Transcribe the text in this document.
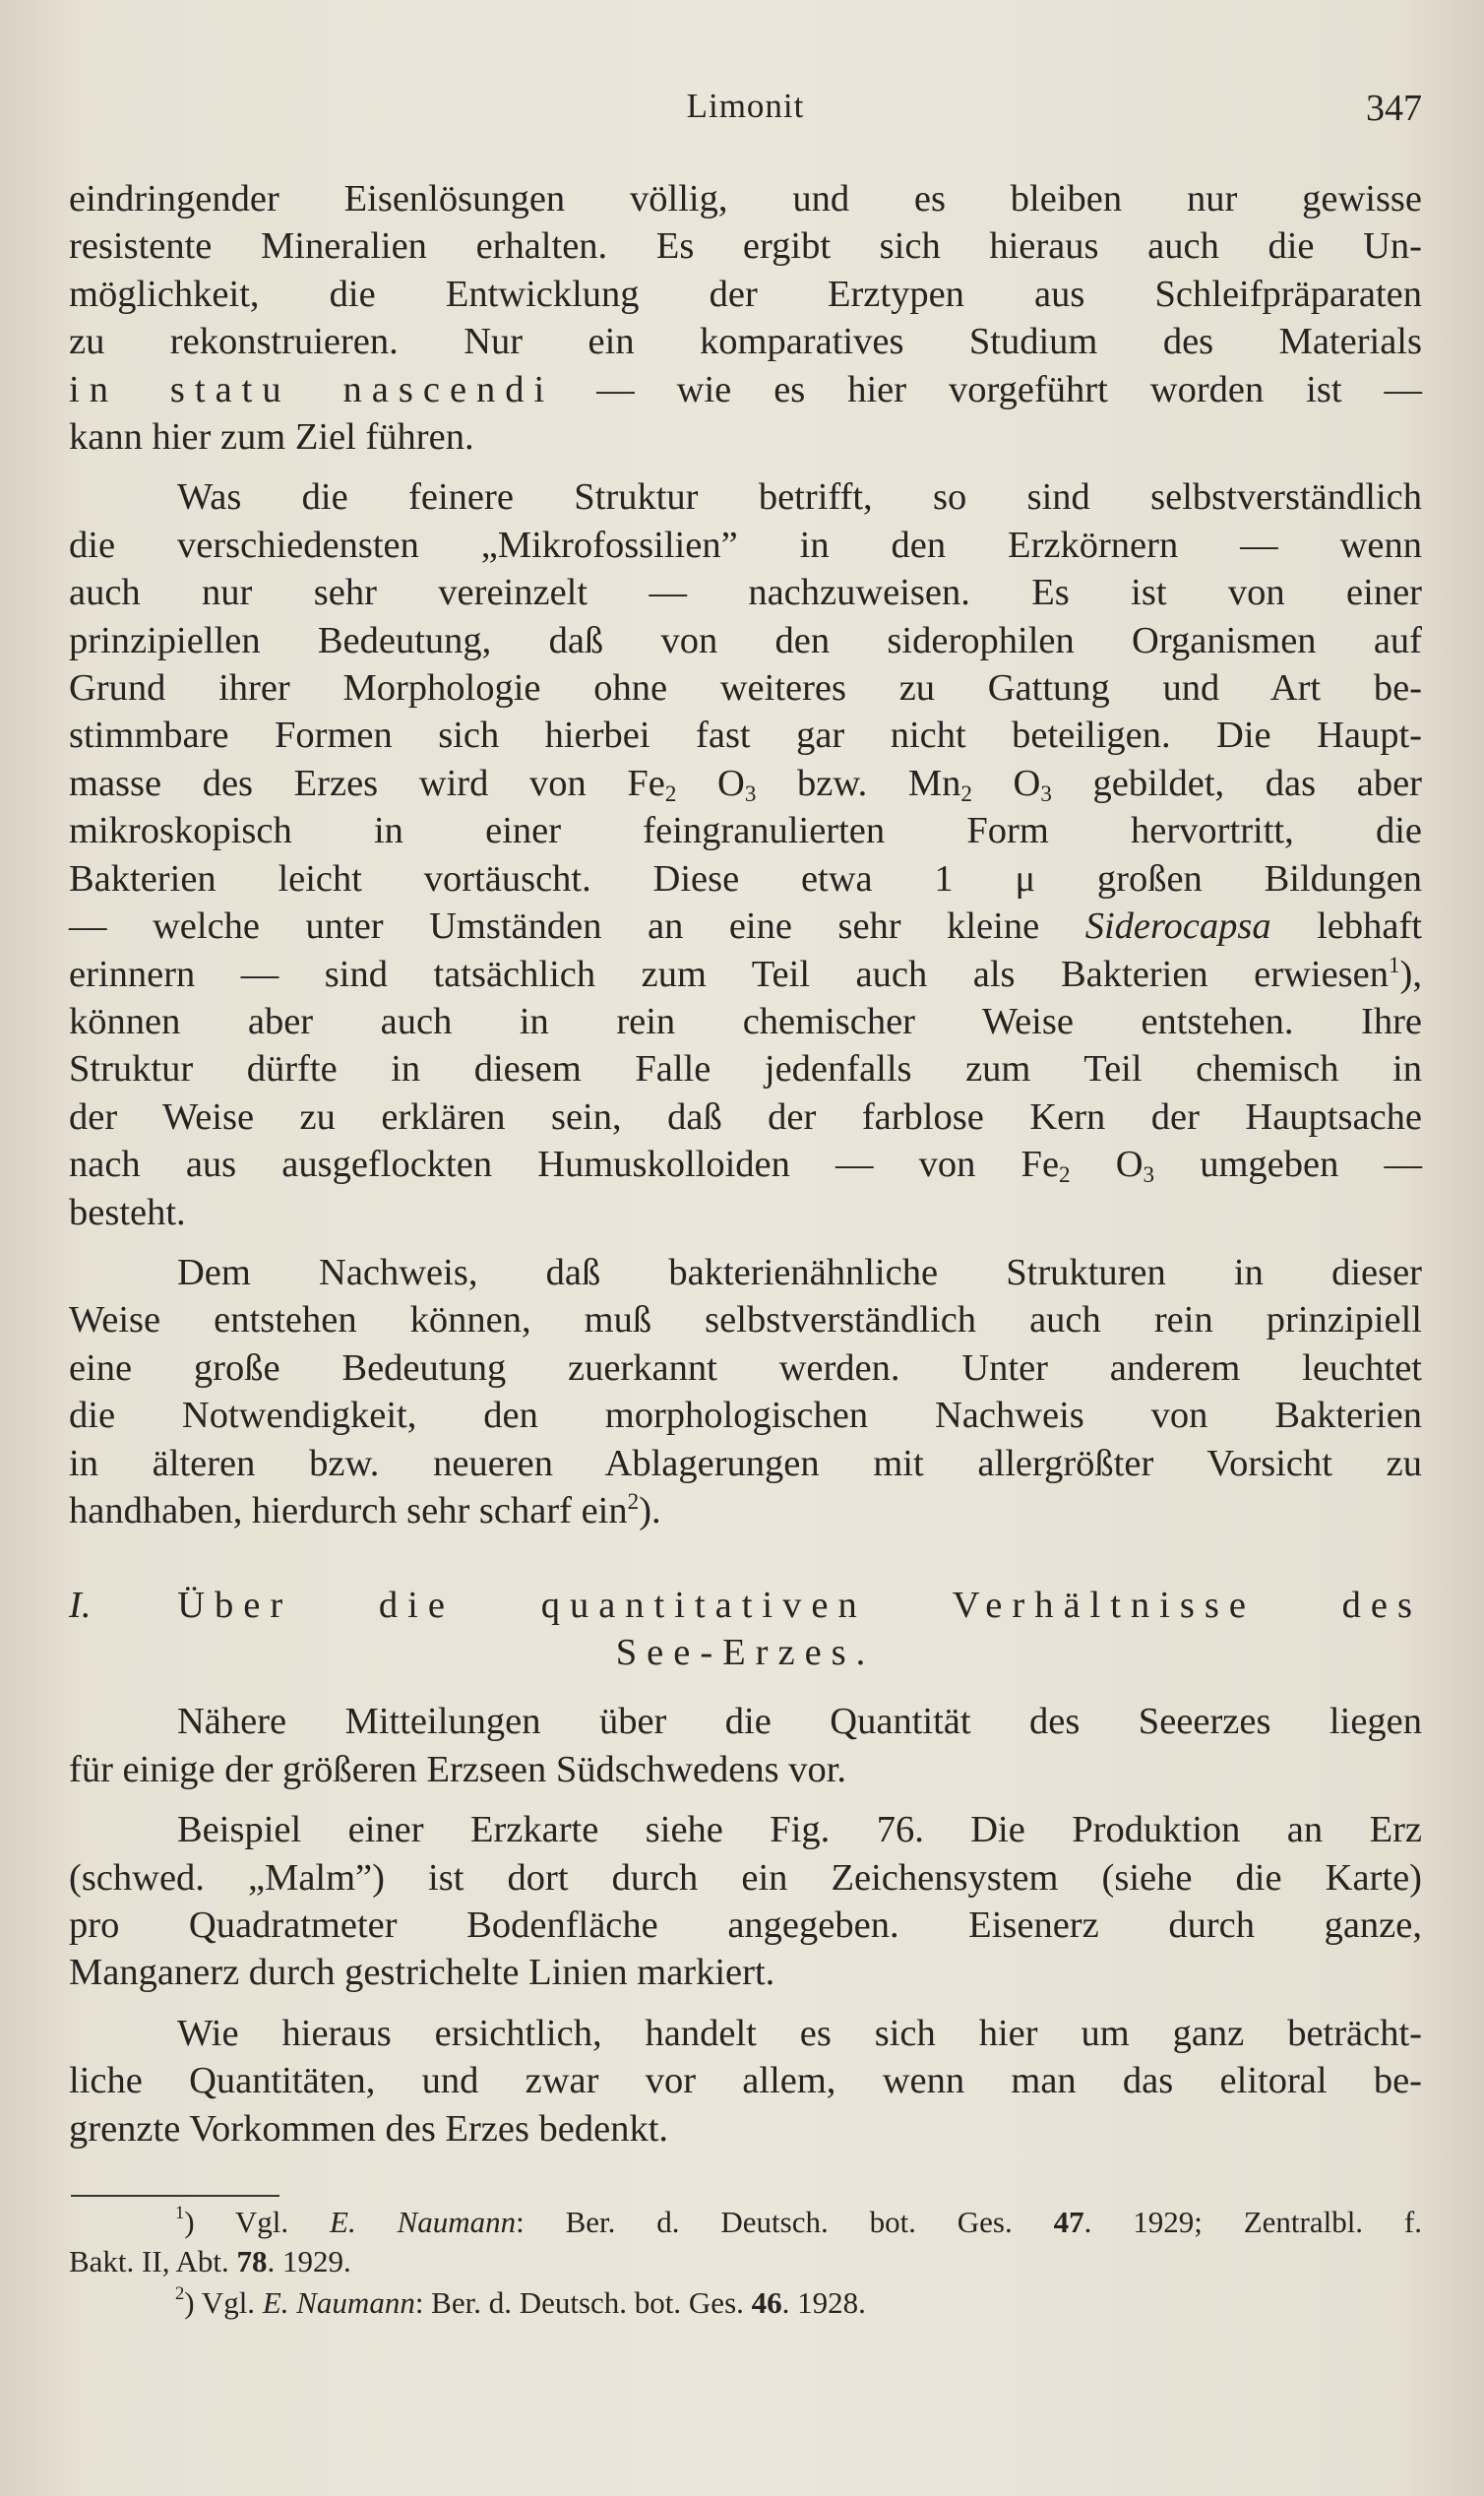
Limonit	347
eindringender Eisenlösungen völlig, und es bleiben nur gewisse
resistente Mineralien erhalten. Es ergibt sich hieraus auch die Un-
möglichkeit, die Entwicklung der Erztypen aus Schleifpräparaten
zu rekonstruieren. Nur ein komparatives Studium des Materials
in statu nascendi — wie es hier vorgeführt worden ist —
kann hier zum Ziel führen.
Was die feinere Struktur betrifft, so sind selbstverständlich
die verschiedensten „Mikrofossilien” in den Erzkörnern — wenn
auch nur sehr vereinzelt — nachzuweisen. Es ist von einer
prinzipiellen Bedeutung, daß von den siderophilen Organismen auf
Grund ihrer Morphologie ohne weiteres zu Gattung und Art be-
stimmbare Formen sich hierbei fast gar nicht beteiligen. Die Haupt-
masse des Erzes wird von $Fe_2$ $O_3$ bzw. $Mn_2$ $O_3$ gebildet, das aber
mikroskopisch in einer feingranulierten Form hervortritt, die
Bakterien leicht vortäuscht. Diese etwa 1 μ großen Bildungen
— welche unter Umständen an eine sehr kleine Siderocapsa lebhaft
erinnern — sind tatsächlich zum Teil auch als Bakterien erwiesen$^1$),
können aber auch in rein chemischer Weise entstehen. Ihre
Struktur dürfte in diesem Falle jedenfalls zum Teil chemisch in
der Weise zu erklären sein, daß der farblose Kern der Hauptsache
nach aus ausgeflockten Humuskolloiden — von $Fe_2$ $O_3$ umgeben —
besteht.
Dem Nachweis, daß bakterienähnliche Strukturen in dieser
Weise entstehen können, muß selbstverständlich auch rein prinzipiell
eine große Bedeutung zuerkannt werden. Unter anderem leuchtet
die Notwendigkeit, den morphologischen Nachweis von Bakterien
in älteren bzw. neueren Ablagerungen mit allergrößter Vorsicht zu
handhaben, hierdurch sehr scharf ein$^2$).
I. Über die quantitativen Verhältnisse des
See-Erzes.
Nähere Mitteilungen über die Quantität des Seeerzes liegen
für einige der größeren Erzseen Südschwedens vor.
Beispiel einer Erzkarte siehe Fig. 76. Die Produktion an Erz
(schwed. „Malm”) ist dort durch ein Zeichensystem (siehe die Karte)
pro Quadratmeter Bodenfläche angegeben. Eisenerz durch ganze,
Manganerz durch gestrichelte Linien markiert.
Wie hieraus ersichtlich, handelt es sich hier um ganz beträcht-
liche Quantitäten, und zwar vor allem, wenn man das elitoral be-
grenzte Vorkommen des Erzes bedenkt.
$^1$) Vgl. E. Naumann: Ber. d. Deutsch. bot. Ges. 47. 1929; Zentralbl. f.
Bakt. II, Abt. 78. 1929.
$^2$) Vgl. E. Naumann: Ber. d. Deutsch. bot. Ges. 46. 1928.
